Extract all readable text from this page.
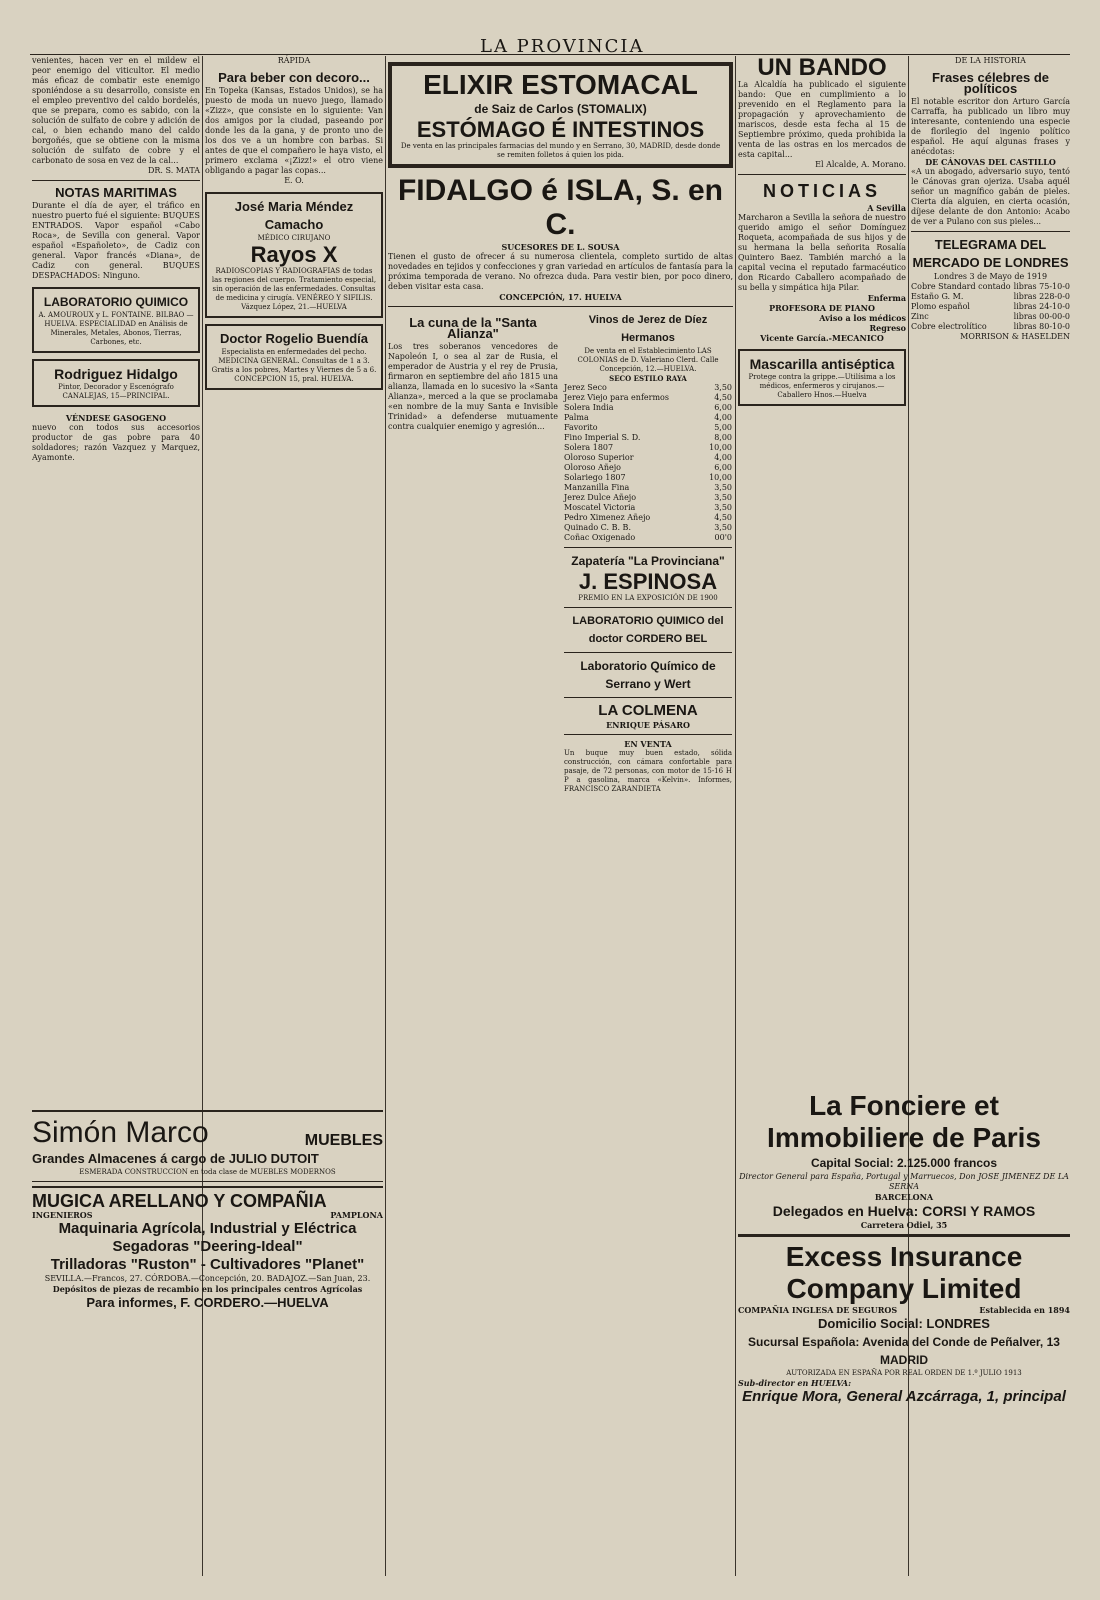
LA PROVINCIA
venientes, hacen ver en el mildew el peor enemigo del viticultor. El medio más eficaz de combatir este enemigo sponiéndose a su desarrollo, consiste en el empleo preventivo del caldo bordelés, que se prepara, como es sabido, con la solución de sulfato de cobre y adición de cal, o bien echando mano del caldo borgoñés, que se obtiene con la misma solución de sulfato de cobre y el carbonato de sosa en vez de la cal...
DR. S. MATA
NOTAS MARITIMAS
Durante el día de ayer, el tráfico en nuestro puerto fué el siguiente: BUQUES ENTRADOS. Vapor español «Cabo Roca», de Sevilla con general. Vapor español «Españoleto», de Cadiz con general. Vapor francés «Diana», de Cadiz con general. BUQUES DESPACHADOS: Ninguno.
LABORATORIO QUIMICO
A. AMOUROUX y L. FONTAINE. BILBAO — HUELVA. ESPECIALIDAD en Análisis de Minerales, Metales, Abonos, Tierras, Carbones, etc.
Rodriguez Hidalgo
Pintor, Decorador y Escenógrafo CANALEJAS, 15—PRINCIPAL.
VÉNDESE GASOGENO
nuevo con todos sus accesorios productor de gas pobre para 40 soldadores; razón Vazquez y Marquez, Ayamonte.
RÁPIDA
Para beber con decoro...
En Topeka (Kansas, Estados Unidos), se ha puesto de moda un nuevo juego, llamado «Zizz», que consiste en lo siguiente: Van dos amigos por la ciudad, paseando por donde les da la gana, y de pronto uno de los dos ve a un hombre con barbas. Si antes de que el compañero le haya visto, el primero exclama «¡Zizz!» el otro viene obligando a pagar las copas...
E. O.
José Maria Méndez Camacho
MÉDICO CIRUJANO
Rayos X
RADIOSCOPIAS Y RADIOGRAFIAS de todas las regiones del cuerpo. Tratamiento especial, sin operación de las enfermedades. Consultas de medicina y cirugía. VENÉREO Y SIFILIS. Vázquez López, 21.—HUELVA
Doctor Rogelio Buendía
Especialista en enfermedades del pecho. MEDICINA GENERAL. Consultas de 1 a 3. Gratis a los pobres, Martes y Viernes de 5 a 6. CONCEPCION 15, pral. HUELVA.
ELIXIR ESTOMACAL
de Saiz de Carlos (STOMALIX)
ESTÓMAGO É INTESTINOS
De venta en las principales farmacias del mundo y en Serrano, 30, MADRID, desde donde se remiten folletos á quien los pida.
FIDALGO é ISLA, S. en C.
SUCESORES DE L. SOUSA
Tienen el gusto de ofrecer á su numerosa clientela, completo surtido de altas novedades en tejidos y confecciones y gran variedad en artículos de fantasía para la próxima temporada de verano. No ofrezca duda. Para vestir bien, por poco dinero, deben visitar esta casa.
CONCEPCIÓN, 17. HUELVA
La cuna de la "Santa Alianza"
Los tres soberanos vencedores de Napoleón I, o sea al zar de Rusia, el emperador de Austria y el rey de Prusia, firmaron en septiembre del año 1815 una alianza, llamada en lo sucesivo la «Santa Alianza», merced a la que se proclamaba «en nombre de la muy Santa e Invisible Trinidad» a defenderse mutuamente contra cualquier enemigo y agresión...
Vinos de Jerez de Díez Hermanos
De venta en el Establecimiento LAS COLONIAS de D. Valeriano Clerd. Calle Concepción, 12.—HUELVA.
SECO ESTILO RAYA
Jerez Seco	3,50
Jerez Viejo para enfermos	4,50
Solera India	6,00
Palma	4,00
Favorito	5,00
Fino Imperial S. D.	8,00
Solera 1807	10,00
Oloroso Superior	4,00
Oloroso Añejo	6,00
Solariego 1807	10,00
Manzanilla Fina	3,50
Jerez Dulce Añejo	3,50
Moscatel Victoria	3,50
Pedro Ximenez Añejo	4,50
Quinado C. B. B.	3,50
Coñac Oxigenado	00'0
Zapatería "La Provinciana"
J. ESPINOSA
PREMIO EN LA EXPOSICIÓN DE 1900
LABORATORIO QUIMICO del doctor CORDERO BEL
Laboratorio Químico de Serrano y Wert
LA COLMENA
ENRIQUE PÁSARO
EN VENTA
Un buque muy buen estado, sólida construcción, con cámara confortable para pasaje, de 72 personas, con motor de 15-16 H P a gasolina, marca «Kelvin». Informes, FRANCISCO ZARANDIETA
Simón Marco	MUEBLES
Grandes Almacenes á cargo de JULIO DUTOIT
ESMERADA CONSTRUCCION en toda clase de MUEBLES MODERNOS
MUGICA ARELLANO Y COMPAÑIA
INGENIEROS	PAMPLONA
Maquinaria Agrícola, Industrial y Eléctrica
Segadoras "Deering-Ideal"
Trilladoras "Ruston" - Cultivadores "Planet"
SEVILLA.—Francos, 27. CÓRDOBA.—Concepción, 20. BADAJOZ.—San Juan, 23.
Depósitos de piezas de recambio en los principales centros Agrícolas
Para informes, F. CORDERO.—HUELVA
UN BANDO
La Alcaldía ha publicado el siguiente bando: Que en cumplimiento a lo prevenido en el Reglamento para la propagación y aprovechamiento de mariscos, desde esta fecha al 15 de Septiembre próximo, queda prohibida la venta de las ostras en los mercados de esta capital...
El Alcalde, A. Morano.
NOTICIAS
A Sevilla
Marcharon a Sevilla la señora de nuestro querido amigo el señor Domínguez Roqueta, acompañada de sus hijos y de su hermana la bella señorita Rosalía Quintero Baez. También marchó a la capital vecina el reputado farmacéutico don Ricardo Caballero acompañado de su bella y simpática hija Pilar.
Enferma
PROFESORA DE PIANO
Aviso a los médicos
Regreso
Vicente García.-MECANICO
Mascarilla antiséptica
Protege contra la grippe.—Utilísima a los médicos, enfermeros y cirujanos.—Caballero Hnos.—Huelva
DE LA HISTORIA
Frases célebres de políticos
El notable escritor don Arturo García Carraffa, ha publicado un libro muy interesante, conteniendo una especie de florilegio del ingenio político español. He aquí algunas frases y anécdotas:
DE CÁNOVAS DEL CASTILLO
«A un abogado, adversario suyo, tentó le Cánovas gran ojeriza. Usaba aquél señor un magnífico gabán de pieles. Cierta día alguien, en cierta ocasión, díjese delante de don Antonio: Acabo de ver a Pulano con sus pieles...
TELEGRAMA DEL MERCADO DE LONDRES
Londres 3 de Mayo de 1919
Cobre Standard contado libras 75-10-0
Estaño G. M.	libras 228-0-0
Plomo español	libras 24-10-0
Zinc	libras 00-00-0
Cobre electrolítico	libras 80-10-0
MORRISON & HASELDEN
La Fonciere et Immobiliere de Paris
Capital Social: 2.125.000 francos
Director General para España, Portugal y Marruecos, Don JOSE JIMENEZ DE LA SERNA
BARCELONA
Delegados en Huelva: CORSI Y RAMOS
Carretera Odiel, 35
Excess Insurance Company Limited
COMPAÑIA INGLESA DE SEGUROS	Establecida en 1894
Domicilio Social: LONDRES
Sucursal Española: Avenida del Conde de Peñalver, 13 MADRID
AUTORIZADA EN ESPAÑA POR REAL ORDEN DE 1.º JULIO 1913
Sub-director en HUELVA:
Enrique Mora, General Azcárraga, 1, principal
